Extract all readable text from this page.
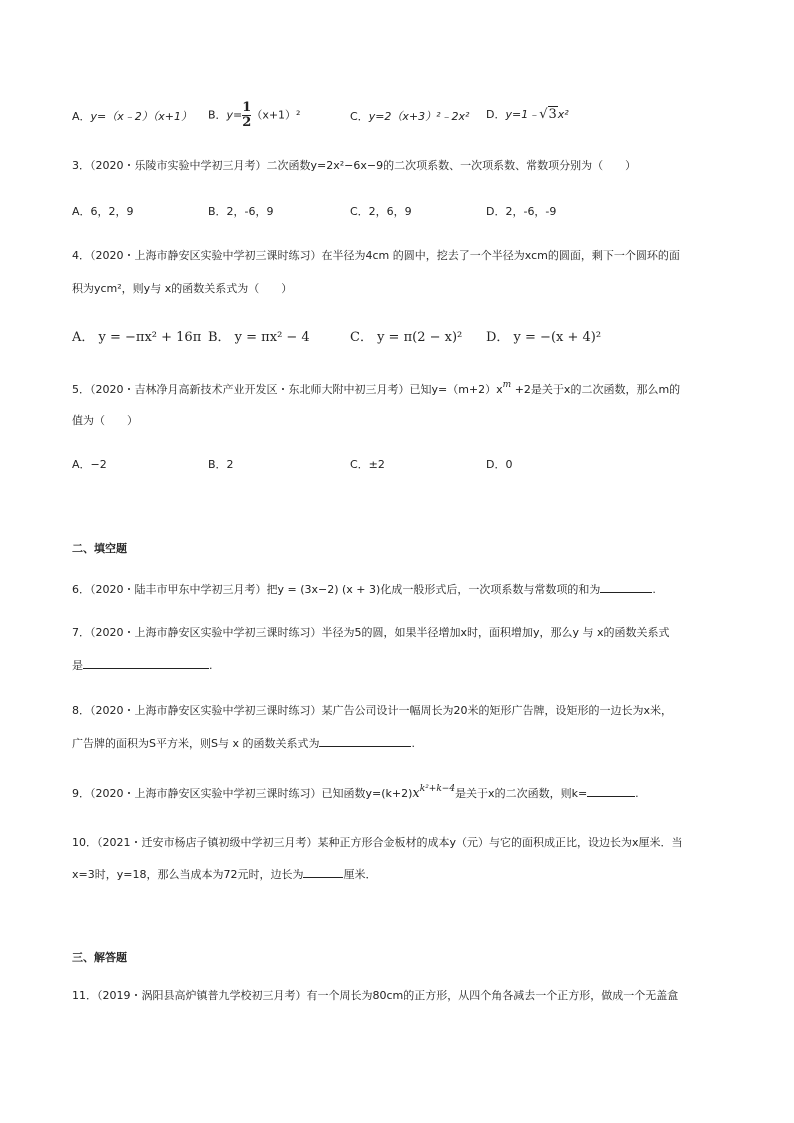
A．y=（x﹣2）（x+1） B．$y= \frac{1}{2} (x+1)^2$	C．y=2（x+3）²﹣2x² D．y=1﹣√3x²
3．（2020・乐陵市实验中学初三月考）二次函数y=2x²−6x−9的二次项系数、一次项系数、常数项分别为（　　）
A．6，2，9	B．2，-6，9	C．2，6，9	D．2，-6，-9
4．（2020・上海市静安区实验中学初三课时练习）在半径为4cm 的圆中，挖去了一个半径为xcm的圆面，剩下一个圆环的面
积为ycm²，则y与 x的函数关系式为（　　）
A． y = −πx² + 16π B． y = πx² − 4	C． y = π(2 − x)² D． y = −(x + 4)²
5．（2020・吉林净月高新技术产业开发区・东北师大附中初三月考）已知$y=(m+2)x^m +2$是关于x的二次函数，那么m的
值为（　　）
A．−2	B．2	C．±2	D．0
二、填空题
6．（2020・陆丰市甲东中学初三月考）把y = (3x−2) (x + 3)化成一般形式后，一次项系数与常数项的和为	.
7．（2020・上海市静安区实验中学初三课时练习）半径为5的圆，如果半径增加x时，面积增加y，那么y 与 x的函数关系式
是	.
8．（2020・上海市静安区实验中学初三课时练习）某广告公司设计一幅周长为20米的矩形广告牌，设矩形的一边长为x米，
广告牌的面积为S平方米，则S与 x 的函数关系式为	.
9．（2020・上海市静安区实验中学初三课时练习）已知函数$y=(k+2)x^{k^2+k-4}$是关于x的二次函数，则k=	.
10．（2021・迁安市杨店子镇初级中学初三月考）某种正方形合金板材的成本y（元）与它的面积成正比，设边长为x厘米．当
x=3时，y=18，那么当成本为72元时，边长为	厘米．
三、解答题
11．（2019・涡阳县高炉镇普九学校初三月考）有一个周长为80cm的正方形，从四个角各减去一个正方形，做成一个无盖盒
